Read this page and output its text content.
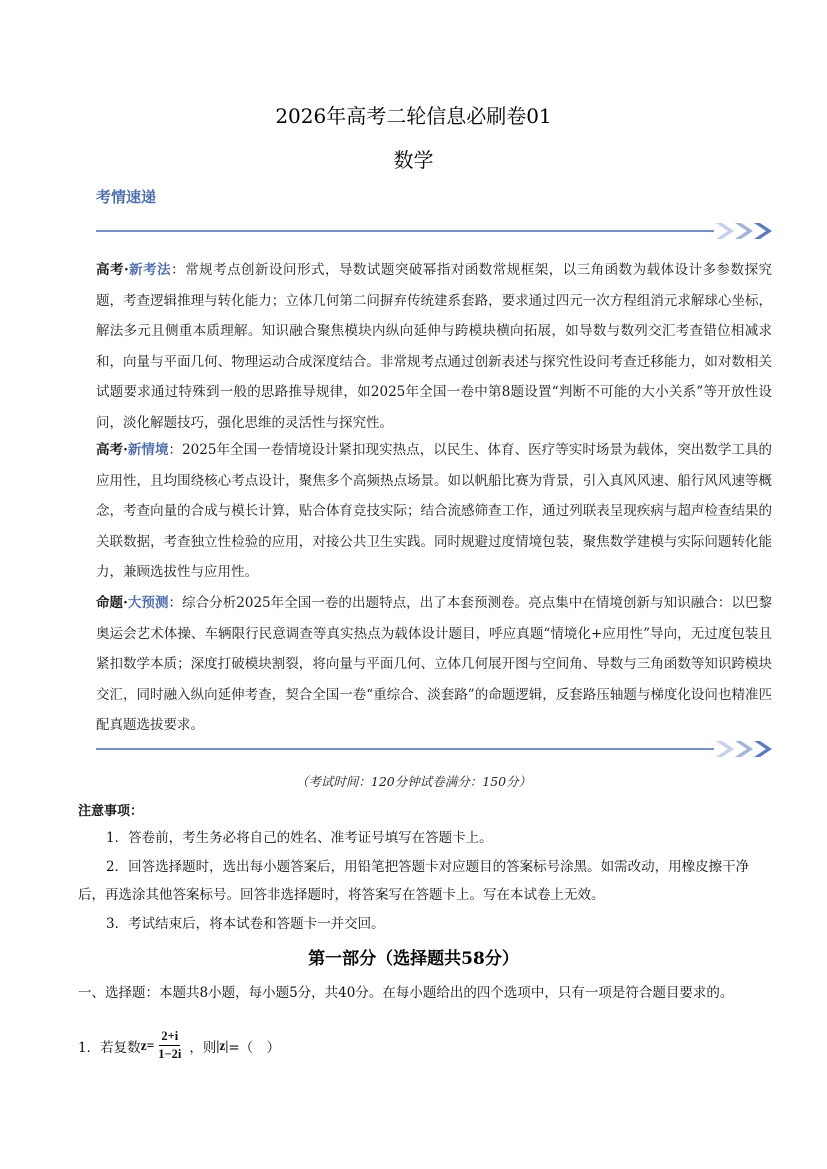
2026年高考二轮信息必刷卷01
数学
考情速递
高考·新考法：常规考点创新设问形式，导数试题突破幂指对函数常规框架，以三角函数为载体设计多参数探究题，考查逻辑推理与转化能力；立体几何第二问摒弃传统建系套路，要求通过四元一次方程组消元求解球心坐标，解法多元且侧重本质理解。知识融合聚焦模块内纵向延伸与跨模块横向拓展，如导数与数列交汇考查错位相减求和，向量与平面几何、物理运动合成深度结合。非常规考点通过创新表述与探究性设问考查迁移能力，如对数相关试题要求通过特殊到一般的思路推导规律，如2025年全国一卷中第8题设置“判断不可能的大小关系”等开放性设问，淡化解题技巧，强化思维的灵活性与探究性。
高考·新情境：2025年全国一卷情境设计紧扣现实热点，以民生、体育、医疗等实时场景为载体，突出数学工具的应用性，且均围绕核心考点设计，聚焦多个高频热点场景。如以帆船比赛为背景，引入真风风速、船行风风速等概念，考查向量的合成与模长计算，贴合体育竞技实际；结合流感筛查工作，通过列联表呈现疾病与超声检查结果的关联数据，考查独立性检验的应用，对接公共卫生实践。同时规避过度情境包装，聚焦数学建模与实际问题转化能力，兼顾选拔性与应用性。
命题·大预测：综合分析2025年全国一卷的出题特点，出了本套预测卷。亮点集中在情境创新与知识融合：以巴黎奥运会艺术体操、车辆限行民意调查等真实热点为载体设计题目，呼应真题“情境化+应用性”导向，无过度包装且紧扣数学本质；深度打破模块割裂，将向量与平面几何、立体几何展开图与空间角、导数与三角函数等知识跨模块交汇，同时融入纵向延伸考查，契合全国一卷“重综合、淡套路”的命题逻辑，反套路压轴题与梯度化设问也精准匹配真题选拔要求。
（考试时间：120分钟试卷满分：150分）
注意事项：

1．答卷前，考生务必将自己的姓名、准考证号填写在答题卡上。

2．回答选择题时，选出每小题答案后，用铅笔把答题卡对应题目的答案标号涂黑。如需改动，用橡皮擦干净后，再选涂其他答案标号。回答非选择题时，将答案写在答题卡上。写在本试卷上无效。

3．考试结束后，将本试卷和答题卡一并交回。

第一部分（选择题共58分）
一、选择题：本题共8小题，每小题5分，共40分。在每小题给出的四个选项中，只有一项是符合题目要求的。
1．若复数 $z= \frac{2+i}{1-2i}$ ，则 |z| =（　）
